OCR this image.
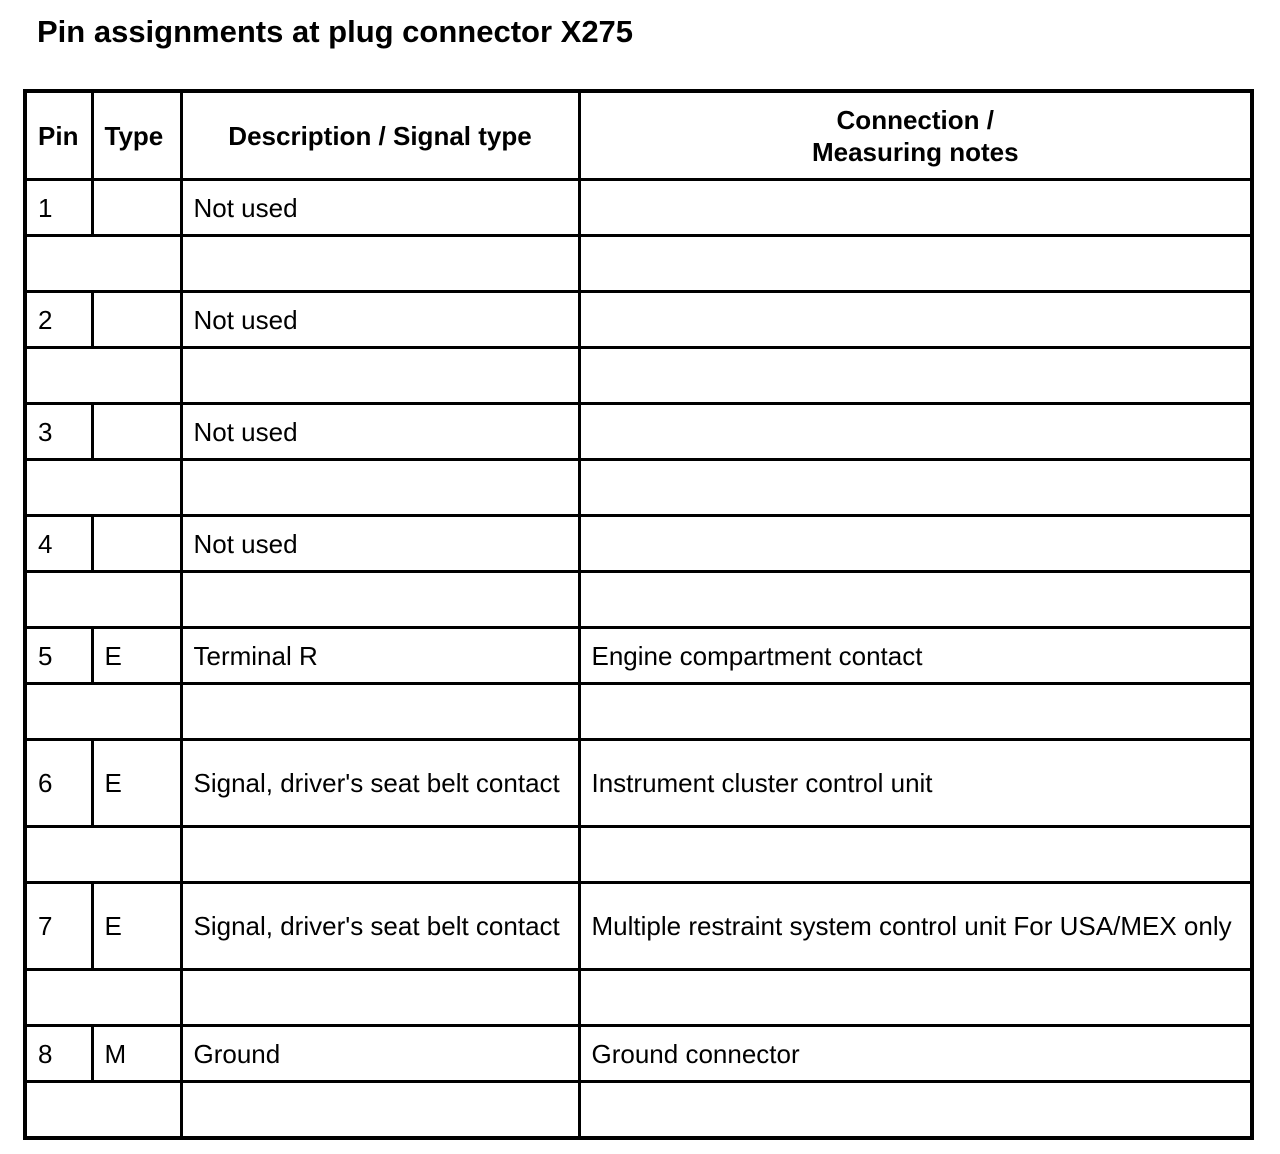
Pin assignments at plug connector X275
Pin	Type	Description / Signal type	Connection /
Measuring notes
1		Not used	

2		Not used	

3		Not used	

4		Not used	

5	E	Terminal R	Engine compartment contact

6	E	Signal, driver's seat belt contact	Instrument cluster control unit

7	E	Signal, driver's seat belt contact	Multiple restraint system control unit For USA/MEX only

8	M	Ground	Ground connector
